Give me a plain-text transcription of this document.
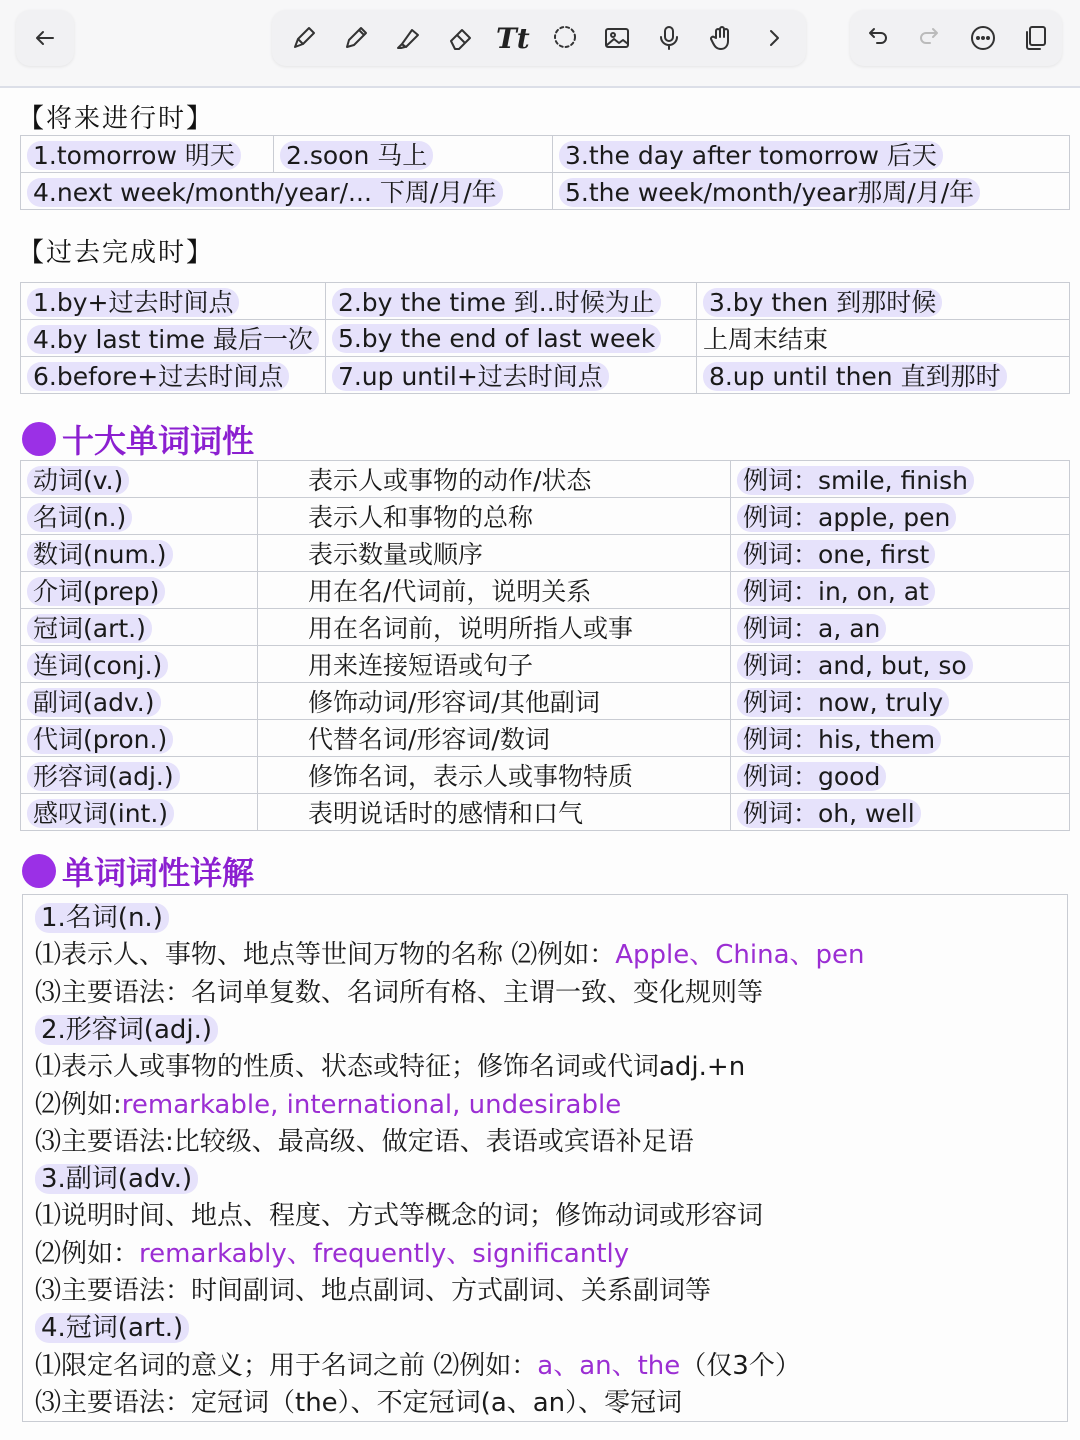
Tt
【将来进行时】
1.tomorrow 明天	2.soon 马上	3.the day after tomorrow 后天
4.next week/month/year/... 下周/月/年		5.the week/month/year那周/月/年
【过去完成时】
1.by+过去时间点	2.by the time 到..时候为止	3.by then 到那时候
4.by last time 最后一次	5.by the end of last week	上周末结束
6.before+过去时间点	7.up until+过去时间点	8.up until then 直到那时
十大单词词性
动词(v.)	表示人或事物的动作/状态	例词：smile, finish
名词(n.)	表示人和事物的总称	例词：apple, pen
数词(num.)	表示数量或顺序	例词：one, first
介词(prep)	用在名/代词前，说明关系	例词：in, on, at
冠词(art.)	用在名词前，说明所指人或事	例词：a, an
连词(conj.)	用来连接短语或句子	例词：and, but, so
副词(adv.)	修饰动词/形容词/其他副词	例词：now, truly
代词(pron.)	代替名词/形容词/数词	例词：his, them
形容词(adj.)	修饰名词，表示人或事物特质	例词：good
感叹词(int.)	表明说话时的感情和口气	例词：oh, well
单词词性详解
1.名词(n.)
⑴表示人、事物、地点等世间万物的名称 ⑵例如：Apple、China、pen
⑶主要语法：名词单复数、名词所有格、主谓一致、变化规则等
2.形容词(adj.)
⑴表示人或事物的性质、状态或特征；修饰名词或代词adj.+n
⑵例如:remarkable, international, undesirable
⑶主要语法:比较级、最高级、做定语、表语或宾语补足语
3.副词(adv.)
⑴说明时间、地点、程度、方式等概念的词；修饰动词或形容词
⑵例如：remarkably、frequently、significantly
⑶主要语法：时间副词、地点副词、方式副词、关系副词等
4.冠词(art.)
⑴限定名词的意义；用于名词之前 ⑵例如：a、an、the（仅3个）
⑶主要语法：定冠词（the）、不定冠词(a、an）、零冠词
